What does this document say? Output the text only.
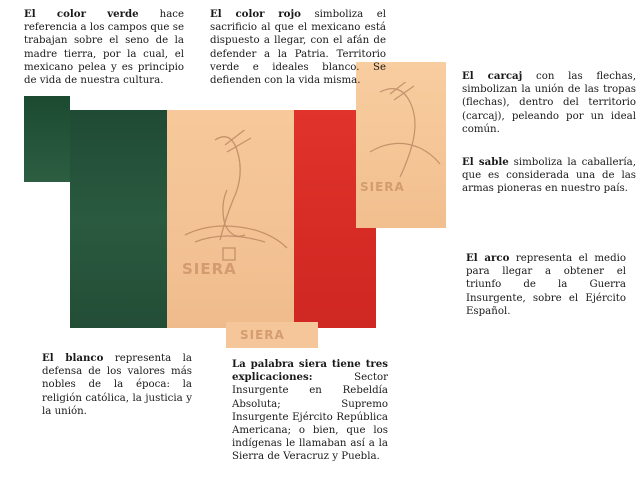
SIERA
SIERA
SIERA

El color verde hace referencia a los campos que se trabajan sobre el seno de la madre tierra, por la cual, el mexicano pelea y es principio de vida de nuestra cultura.

El color rojo simboliza el sacrificio al que el mexicano está dispuesto a llegar, con el afán de defender a la Patria. Territorio verde e ideales blanco. Se defienden con la vida misma.	El carcaj con las flechas, simbolizan la unión de las tropas (flechas), dentro del territorio (carcaj), peleando por un ideal común.

El sable simboliza la caballería, que es considerada una de las armas pioneras en nuestro país.

El arco representa el medio para llegar a obtener el triunfo de la Guerra Insurgente, sobre el Ejército Español.

El blanco representa la defensa de los valores más nobles de la época: la religión católica, la justicia y la unión.

La palabra siera tiene tres explicaciones: Sector Insurgente en Rebeldía Absoluta; Supremo Insurgente Ejército República Americana; o bien, que los indígenas le llamaban así a la Sierra de Veracruz y Puebla.
